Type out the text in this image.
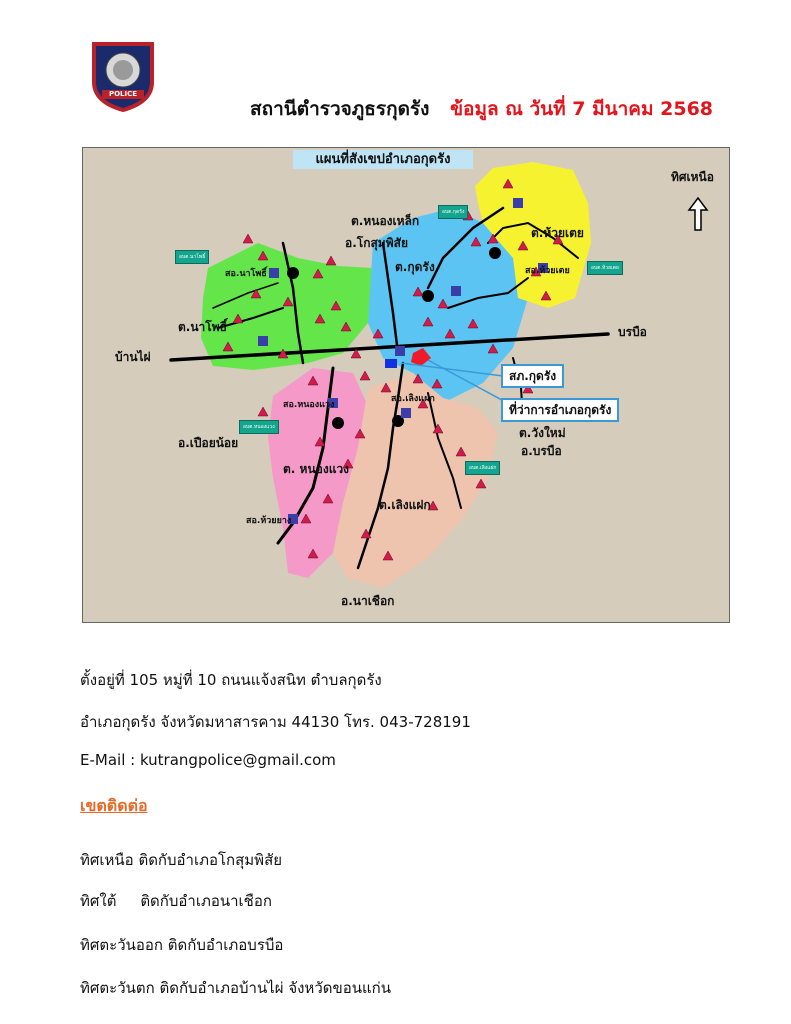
POLICE
สถานีตำรวจภูธรกุดรัง ข้อมูล ณ วันที่ 7 มีนาคม 2568
แผนที่สังเขปอำเภอกุดรัง
ทิศเหนือ
ต.หนองเหล็ก
อ.โกสุมพิสัย
ต.กุดรัง
ต.ห้วยเตย
ต.นาโพธิ์
บ้านไผ่
บรบือ
อ.เปือยน้อย
ต. หนองแวง
ต.เลิงแฝก
อ.นาเชือก
ต.วังใหม่
อ.บรบือ
สอ.ห้วยเตย
สอ.นาโพธิ์
สอ.หนองแวง
สอ.เลิงแฝก
สอ.ห้วยยาง
สภ.กุดรัง
ที่ว่าการอำเภอกุดรัง
อบต.นาโพธิ์
อบต.กุดรัง
อบต.ห้วยเตย
อบต.หนองแวง
อบต.เลิงแฝก
ตั้งอยู่ที่ 105 หมู่ที่ 10 ถนนแจ้งสนิท ตำบลกุดรัง
อำเภอกุดรัง จังหวัดมหาสารคาม 44130 โทร. 043-728191
E-Mail : kutrangpolice@gmail.com
เขตติดต่อ
ทิศเหนือ ติดกับอำเภอโกสุมพิสัย
ทิศใต้     ติดกับอำเภอนาเชือก
ทิศตะวันออก ติดกับอำเภอบรบือ
ทิศตะวันตก ติดกับอำเภอบ้านไผ่ จังหวัดขอนแก่น
